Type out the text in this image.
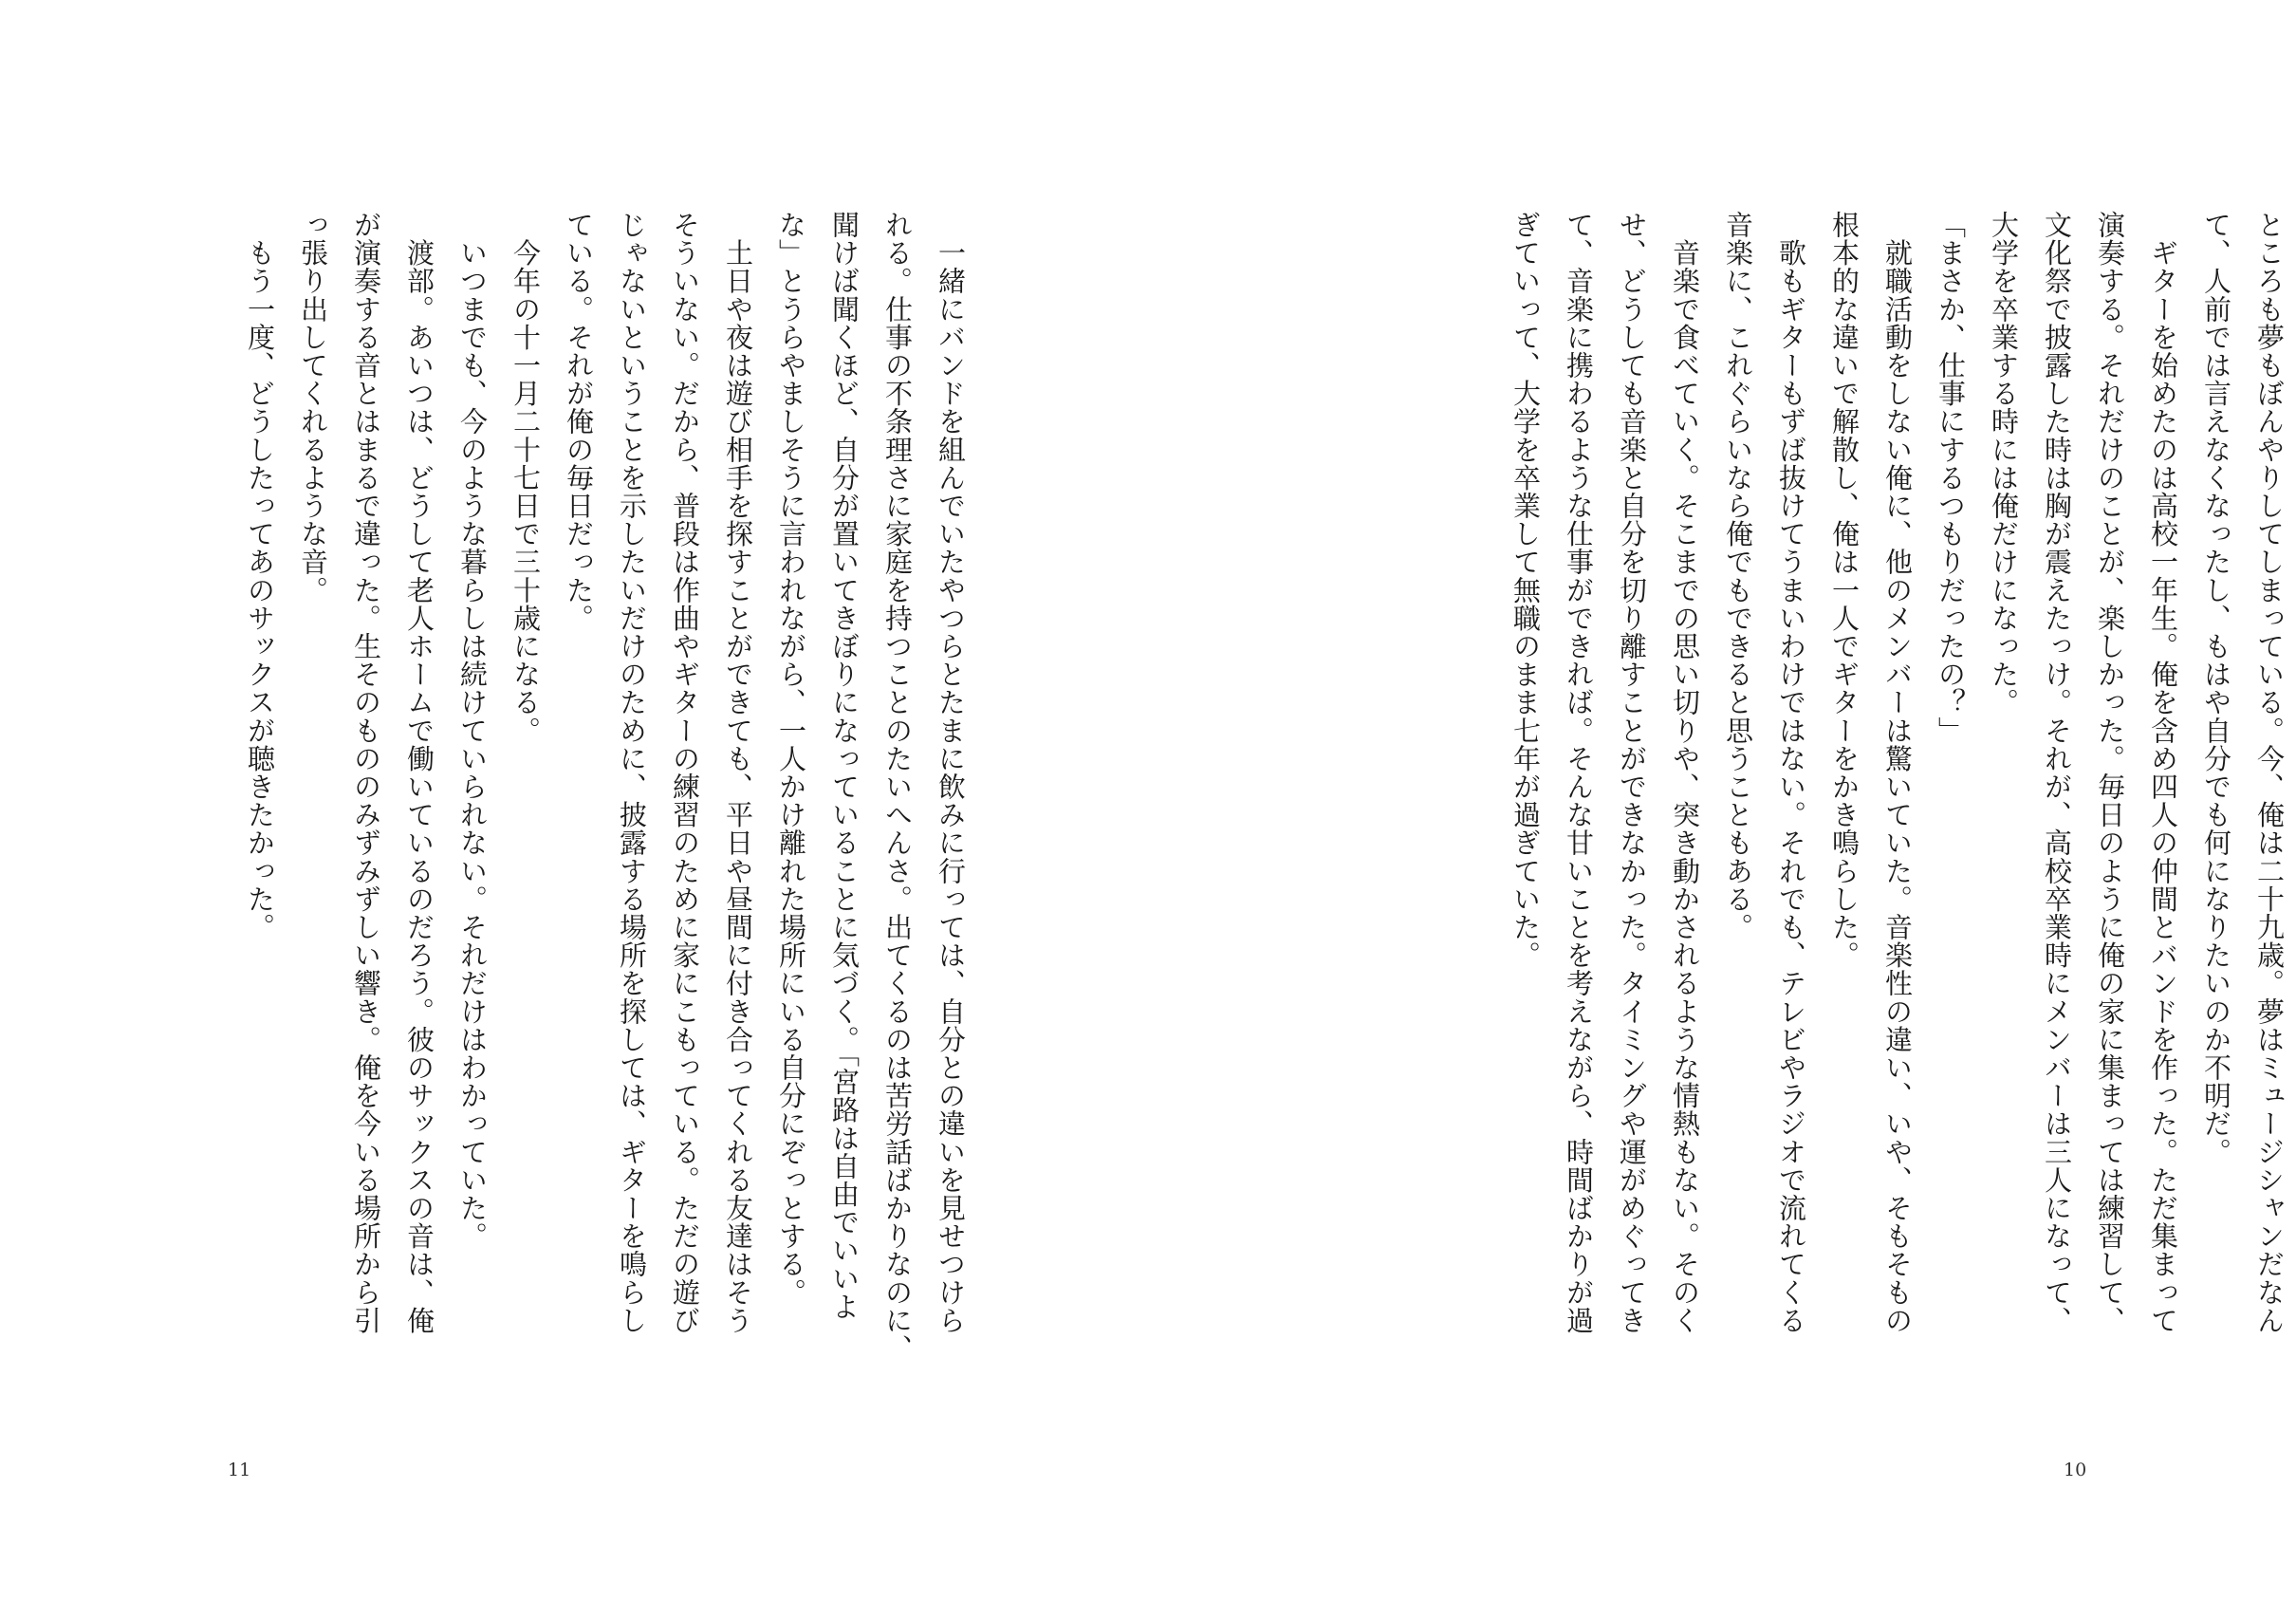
　一緒にバンドを組んでいたやつらとたまに飲みに行っては、自分との違いを見せつけら
れる。仕事の不条理さに家庭を持つことのたいへんさ。出てくるのは苦労話ばかりなのに、
聞けば聞くほど、自分が置いてきぼりになっていることに気づく。「宮路は自由でいいよ
な」とうらやましそうに言われながら、一人かけ離れた場所にいる自分にぞっとする。
　土日や夜は遊び相手を探すことができても、平日や昼間に付き合ってくれる友達はそう
そういない。だから、普段は作曲やギターの練習のために家にこもっている。ただの遊び
じゃないということを示したいだけのために、披露する場所を探しては、ギターを鳴らし
ている。それが俺の毎日だった。
　今年の十一月二十七日で三十歳になる。
　いつまでも、今のような暮らしは続けていられない。それだけはわかっていた。
　渡部。あいつは、どうして老人ホームで働いているのだろう。彼のサックスの音は、俺
が演奏する音とはまるで違った。生そのもののみずみずしい響き。俺を今いる場所から引
っ張り出してくれるような音。
　もう一度、どうしたってあのサックスが聴きたかった。
11
ところも夢もぼんやりしてしまっている。今、俺は二十九歳。夢はミュージシャンだなん
て、人前では言えなくなったし、もはや自分でも何になりたいのか不明だ。
　ギターを始めたのは高校一年生。俺を含め四人の仲間とバンドを作った。ただ集まって
演奏する。それだけのことが、楽しかった。毎日のように俺の家に集まっては練習して、
文化祭で披露した時は胸が震えたっけ。それが、高校卒業時にメンバーは三人になって、
大学を卒業する時には俺だけになった。
「まさか、仕事にするつもりだったの？」
　就職活動をしない俺に、他のメンバーは驚いていた。音楽性の違い、いや、そもそもの
根本的な違いで解散し、俺は一人でギターをかき鳴らした。
　歌もギターもずば抜けてうまいわけではない。それでも、テレビやラジオで流れてくる
音楽に、これぐらいなら俺でもできると思うこともある。
　音楽で食べていく。そこまでの思い切りや、突き動かされるような情熱もない。そのく
せ、どうしても音楽と自分を切り離すことができなかった。タイミングや運がめぐってき
て、音楽に携わるような仕事ができれば。そんな甘いことを考えながら、時間ばかりが過
ぎていって、大学を卒業して無職のまま七年が過ぎていた。
10
